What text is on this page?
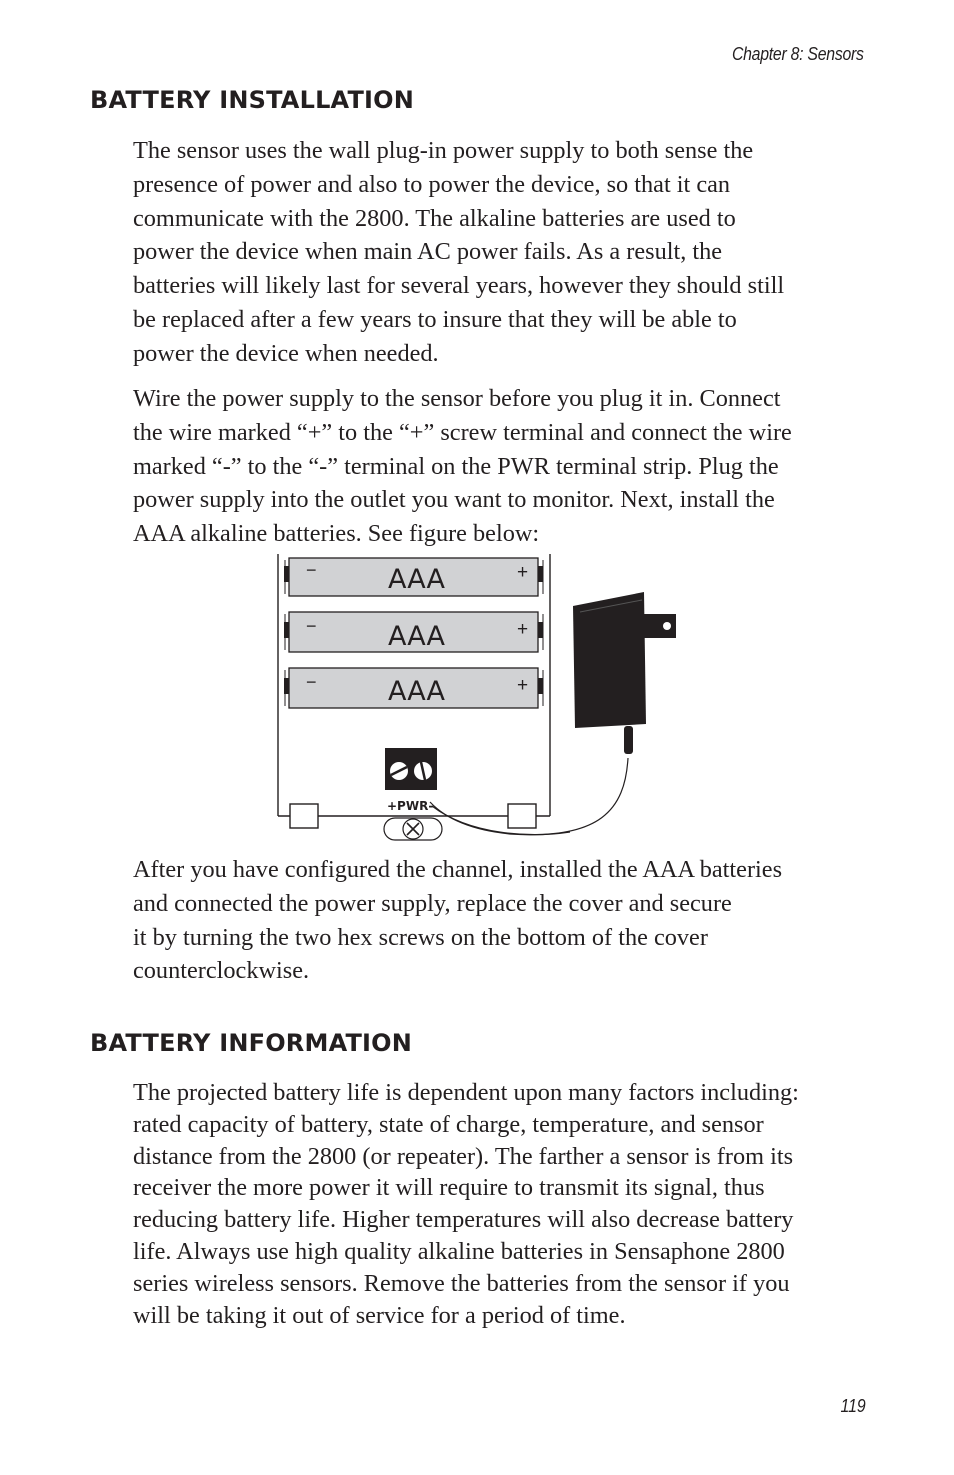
Chapter 8: Sensors
BATTERY INSTALLATION

The sensor uses the wall plug-in power supply to both sense the
presence of power and also to power the device, so that it can
communicate with the 2800. The alkaline batteries are used to
power the device when main AC power fails. As a result, the
batteries will likely last for several years, however they should still
be replaced after a few years to insure that they will be able to
power the device when needed.

Wire the power supply to the sensor before you plug it in. Connect
the wire marked “+” to the “+” screw terminal and connect the wire
marked “-” to the “-” terminal on the PWR terminal strip. Plug the
power supply into the outlet you want to monitor. Next, install the
AAA alkaline batteries. See figure below:

−	AAA	+
−	AAA	+
−	AAA	+
+PWR-

After you have configured the channel, installed the AAA batteries
and connected the power supply, replace the cover and secure
it by turning the two hex screws on the bottom of the cover
counterclockwise.

BATTERY INFORMATION

The projected battery life is dependent upon many factors including:
rated capacity of battery, state of charge, temperature, and sensor
distance from the 2800 (or repeater). The farther a sensor is from its
receiver the more power it will require to transmit its signal, thus
reducing battery life. Higher temperatures will also decrease battery
life. Always use high quality alkaline batteries in Sensaphone 2800
series wireless sensors. Remove the batteries from the sensor if you
will be taking it out of service for a period of time.

119
